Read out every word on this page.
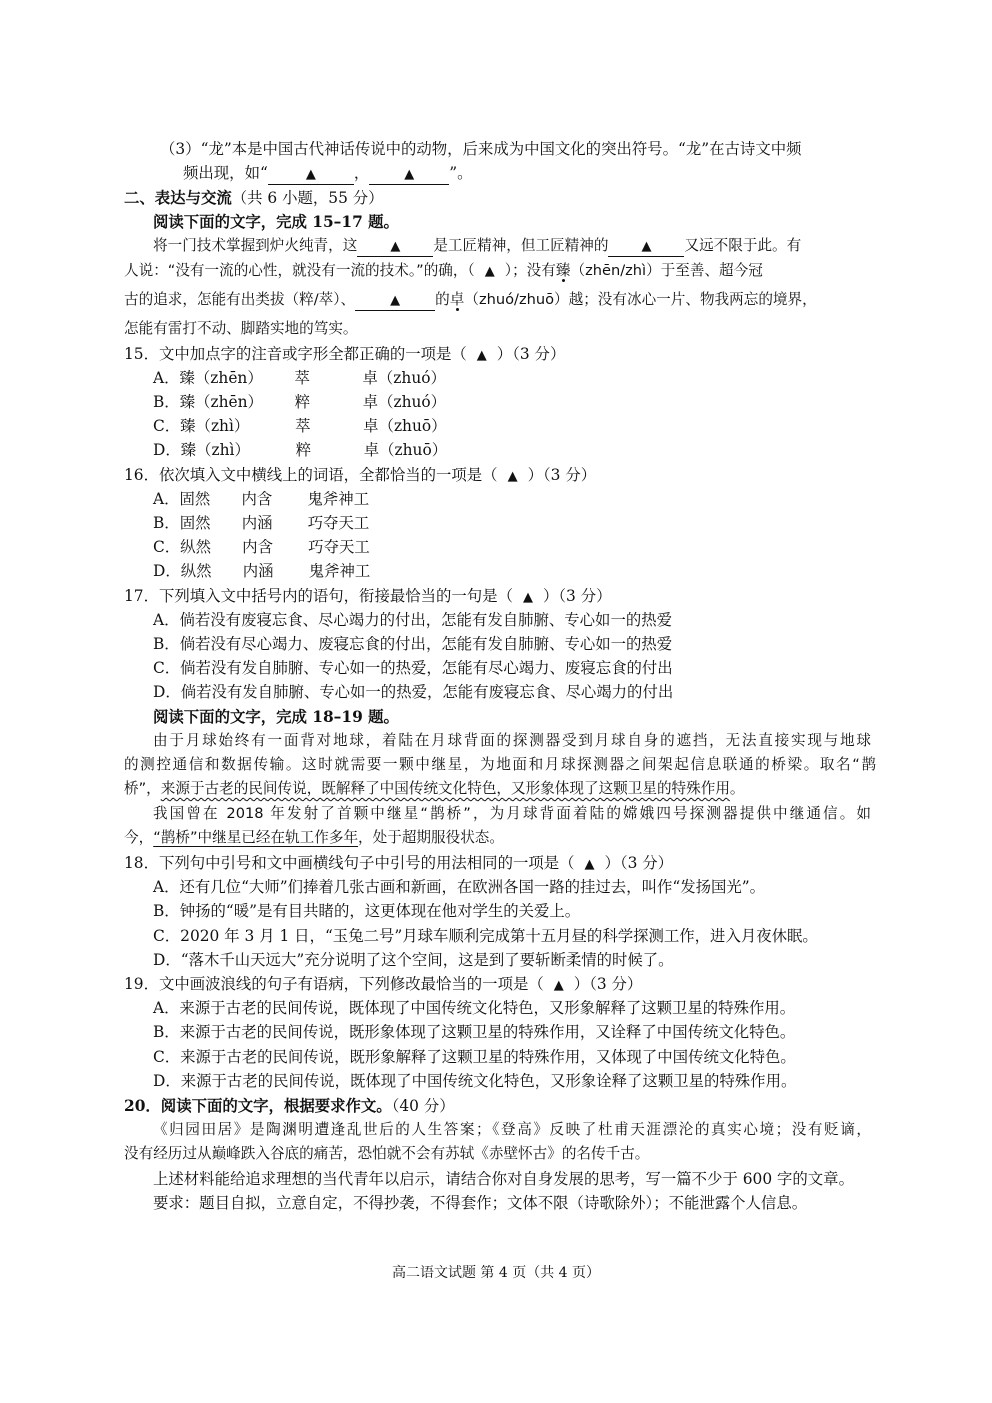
（3）“龙”本是中国古代神话传说中的动物，后来成为中国文化的突出符号。“龙”在古诗文中频
频出现，如“	▲ ，	▲ ”。
二、表达与交流（共 6 小题，55 分）
阅读下面的文字，完成 15–17 题。
将一门技术掌握到炉火纯青，这	▲ 是工匠精神，但工匠精神的	▲ 又远不限于此。有
人说：“没有一流的心性，就没有一流的技术。”的确，（ ▲ ）；没有臻（zhēn/zhì）于至善、超今冠
古的追求，怎能有出类拔（粹/萃）、	▲ 的卓（zhuó/zhuō）越；没有冰心一片、物我两忘的境界，
怎能有雷打不动、脚踏实地的笃实。
15．文中加点字的注音或字形全都正确的一项是（ ▲ ）（3 分）
A．臻（zhēn） 萃	卓（zhuó）
B．臻（zhēn） 粹	卓（zhuó）
C．臻（zhì）	萃	卓（zhuō）
D．臻（zhì）	粹	卓（zhuō）
16．依次填入文中横线上的词语，全都恰当的一项是（ ▲ ）（3 分）
A．固然 内含 鬼斧神工
B．固然 内涵 巧夺天工
C．纵然 内含 巧夺天工
D．纵然 内涵 鬼斧神工
17．下列填入文中括号内的语句，衔接最恰当的一句是（ ▲ ）（3 分）
A．倘若没有废寝忘食、尽心竭力的付出，怎能有发自肺腑、专心如一的热爱
B．倘若没有尽心竭力、废寝忘食的付出，怎能有发自肺腑、专心如一的热爱
C．倘若没有发自肺腑、专心如一的热爱，怎能有尽心竭力、废寝忘食的付出
D．倘若没有发自肺腑、专心如一的热爱，怎能有废寝忘食、尽心竭力的付出
阅读下面的文字，完成 18–19 题。
由于月球始终有一面背对地球，着陆在月球背面的探测器受到月球自身的遮挡，无法直接实现与地球
的测控通信和数据传输。这时就需要一颗中继星，为地面和月球探测器之间架起信息联通的桥梁。取名“鹊
桥”，来源于古老的民间传说，既解释了中国传统文化特色，又形象体现了这颗卫星的特殊作用。
我国曾在 2018 年发射了首颗中继星“鹊桥”，为月球背面着陆的嫦娥四号探测器提供中继通信。如
今，“鹊桥”中继星已经在轨工作多年，处于超期服役状态。
18．下列句中引号和文中画横线句子中引号的用法相同的一项是（ ▲ ）（3 分）
A．还有几位“大师”们捧着几张古画和新画，在欧洲各国一路的挂过去，叫作“发扬国光”。
B．钟扬的“暖”是有目共睹的，这更体现在他对学生的关爱上。
C．2020 年 3 月 1 日，“玉兔二号”月球车顺利完成第十五月昼的科学探测工作，进入月夜休眠。
D．“落木千山天远大”充分说明了这个空间，这是到了要斩断柔情的时候了。
19．文中画波浪线的句子有语病，下列修改最恰当的一项是（ ▲ ）（3 分）
A．来源于古老的民间传说，既体现了中国传统文化特色，又形象解释了这颗卫星的特殊作用。
B．来源于古老的民间传说，既形象体现了这颗卫星的特殊作用，又诠释了中国传统文化特色。
C．来源于古老的民间传说，既形象解释了这颗卫星的特殊作用，又体现了中国传统文化特色。
D．来源于古老的民间传说，既体现了中国传统文化特色，又形象诠释了这颗卫星的特殊作用。
20．阅读下面的文字，根据要求作文。（40 分）
《归园田居》是陶渊明遭逢乱世后的人生答案；《登高》反映了杜甫天涯漂沦的真实心境；没有贬谪，
没有经历过从巅峰跌入谷底的痛苦，恐怕就不会有苏轼《赤壁怀古》的名传千古。
上述材料能给追求理想的当代青年以启示，请结合你对自身发展的思考，写一篇不少于 600 字的文章。
要求：题目自拟，立意自定，不得抄袭，不得套作；文体不限（诗歌除外）；不能泄露个人信息。
高二语文试题 第 4 页（共 4 页）
